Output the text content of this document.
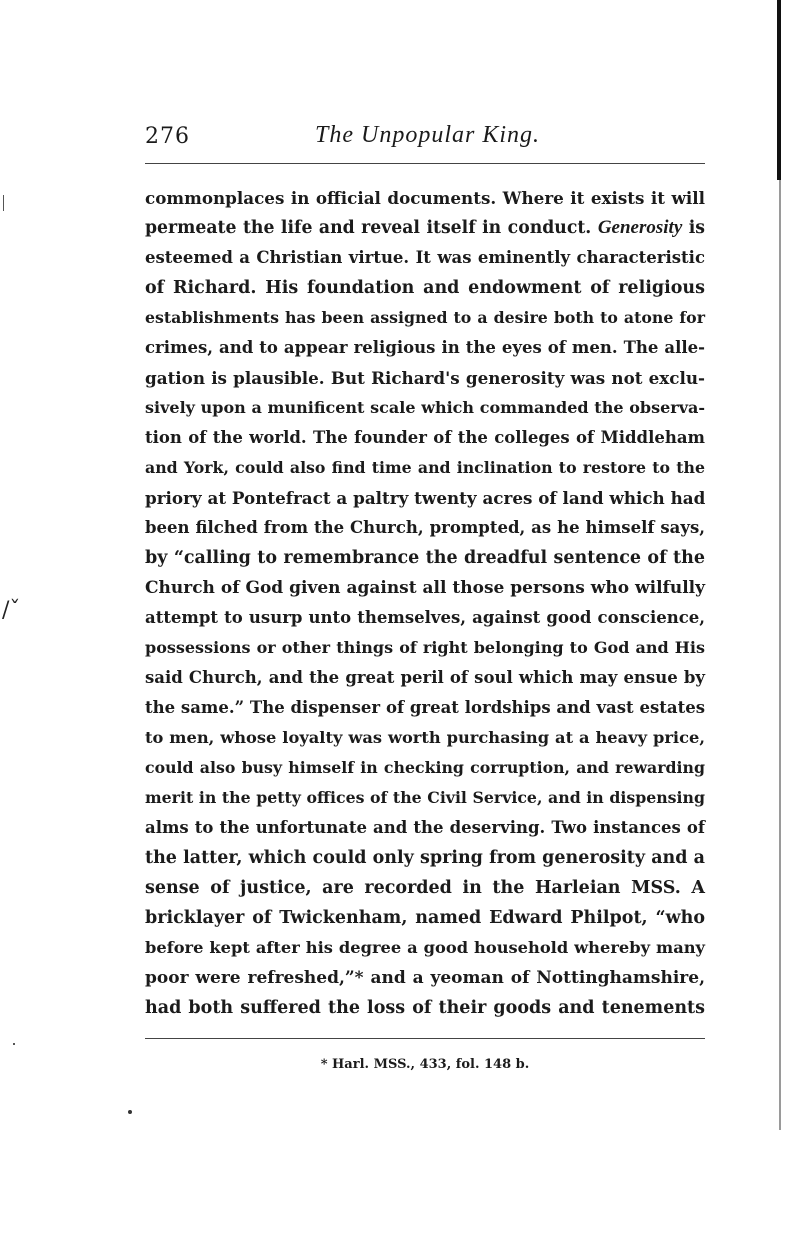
276	The Unpopular King.
commonplaces in official documents. Where it exists it will
permeate the life and reveal itself in conduct. Generosity is
esteemed a Christian virtue. It was eminently characteristic
of Richard. His foundation and endowment of religious
establishments has been assigned to a desire both to atone for
crimes, and to appear religious in the eyes of men. The alle-
gation is plausible. But Richard's generosity was not exclu-
sively upon a munificent scale which commanded the observa-
tion of the world. The founder of the colleges of Middleham
and York, could also find time and inclination to restore to the
priory at Pontefract a paltry twenty acres of land which had
been filched from the Church, prompted, as he himself says,
by “calling to remembrance the dreadful sentence of the
Church of God given against all those persons who wilfully
attempt to usurp unto themselves, against good conscience,
possessions or other things of right belonging to God and His
said Church, and the great peril of soul which may ensue by
the same.” The dispenser of great lordships and vast estates
to men, whose loyalty was worth purchasing at a heavy price,
could also busy himself in checking corruption, and rewarding
merit in the petty offices of the Civil Service, and in dispensing
alms to the unfortunate and the deserving. Two instances of
the latter, which could only spring from generosity and a
sense of justice, are recorded in the Harleian MSS. A
bricklayer of Twickenham, named Edward Philpot, “who
before kept after his degree a good household whereby many
poor were refreshed,”* and a yeoman of Nottinghamshire,
had both suffered the loss of their goods and tenements
* Harl. MSS., 433, fol. 148 b.
/ˇ
